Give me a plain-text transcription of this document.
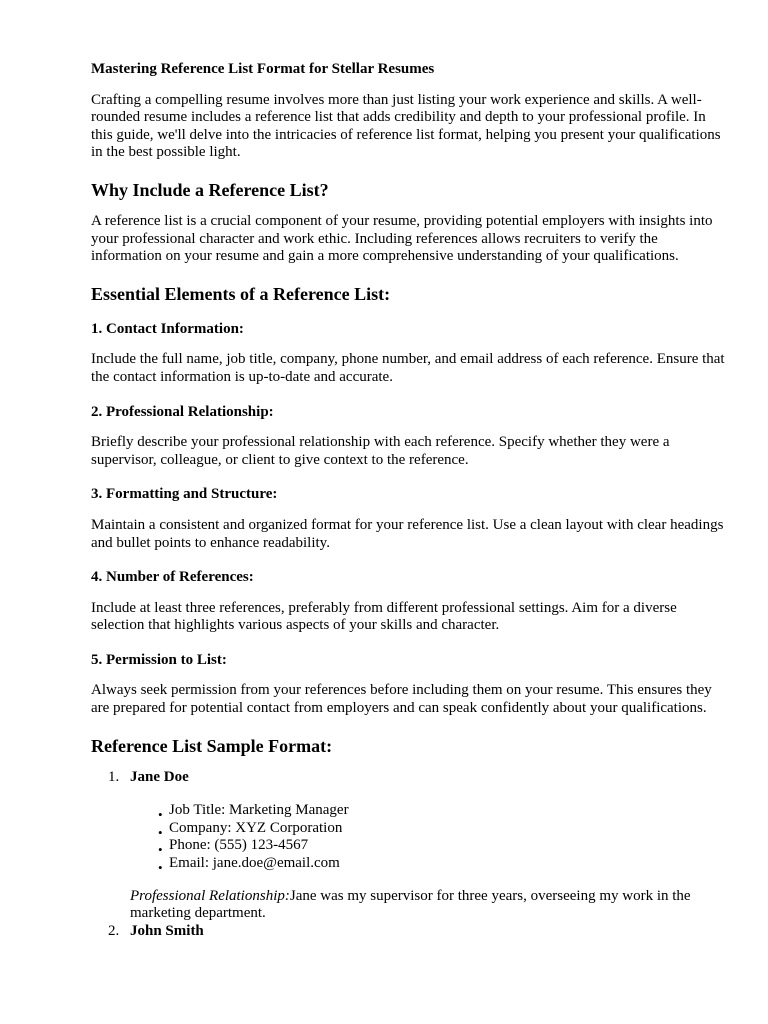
Mastering Reference List Format for Stellar Resumes

Crafting a compelling resume involves more than just listing your work experience and skills. A well-rounded resume includes a reference list that adds credibility and depth to your professional profile. In this guide, we'll delve into the intricacies of reference list format, helping you present your qualifications in the best possible light.

Why Include a Reference List?

A reference list is a crucial component of your resume, providing potential employers with insights into your professional character and work ethic. Including references allows recruiters to verify the information on your resume and gain a more comprehensive understanding of your qualifications.

Essential Elements of a Reference List:
1. Contact Information:

Include the full name, job title, company, phone number, and email address of each reference. Ensure that the contact information is up-to-date and accurate.

2. Professional Relationship:

Briefly describe your professional relationship with each reference. Specify whether they were a supervisor, colleague, or client to give context to the reference.

3. Formatting and Structure:

Maintain a consistent and organized format for your reference list. Use a clean layout with clear headings and bullet points to enhance readability.

4. Number of References:

Include at least three references, preferably from different professional settings. Aim for a diverse selection that highlights various aspects of your skills and character.

5. Permission to List:

Always seek permission from your references before including them on your resume. This ensures they are prepared for potential contact from employers and can speak confidently about your qualifications.

Reference List Sample Format:
1. Jane Doe
• Job Title: Marketing Manager
• Company: XYZ Corporation
• Phone: (555) 123-4567
• Email: jane.doe@email.com
Professional Relationship:Jane was my supervisor for three years, overseeing my work in the marketing department.
2. John Smith
